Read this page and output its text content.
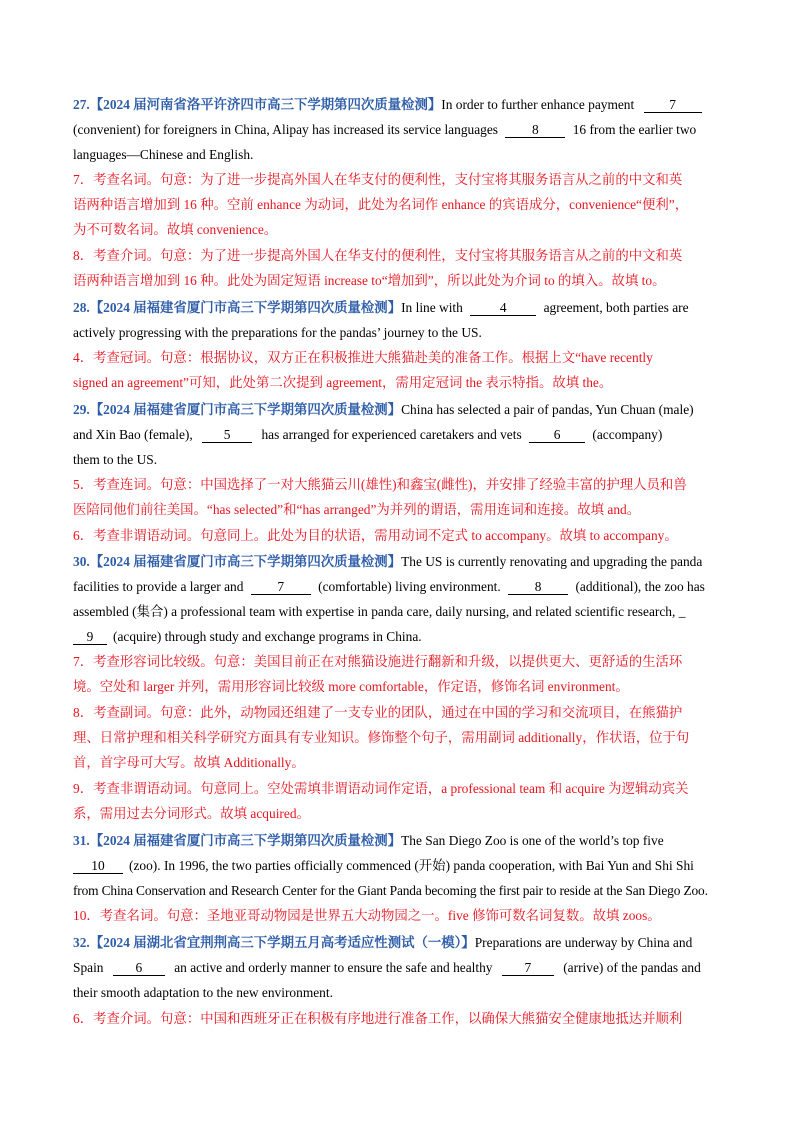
27.【2024 届河南省洛平许济四市高三下学期第四次质量检测】In order to further enhance payment	7
(convenient) for foreigners in China, Alipay has increased its service languages	8	16 from the earlier two
languages—Chinese and English.
7．考查名词。句意：为了进一步提高外国人在华支付的便利性，支付宝将其服务语言从之前的中文和英
语两种语言增加到 16 种。空前 enhance 为动词，此处为名词作 enhance 的宾语成分，convenience“便利”，
为不可数名词。故填 convenience。
8．考查介词。句意：为了进一步提高外国人在华支付的便利性，支付宝将其服务语言从之前的中文和英
语两种语言增加到 16 种。此处为固定短语 increase to“增加到”，所以此处为介词 to 的填入。故填 to。
28.【2024 届福建省厦门市高三下学期第四次质量检测】In line with	4	agreement, both parties are
actively progressing with the preparations for the pandas’ journey to the US.
4．考查冠词。句意：根据协议，双方正在积极推进大熊猫赴美的准备工作。根据上文“have recently
signed an agreement”可知，此处第二次提到 agreement，需用定冠词 the 表示特指。故填 the。
29.【2024 届福建省厦门市高三下学期第四次质量检测】China has selected a pair of pandas, Yun Chuan (male)
and Xin Bao (female), 5 has arranged for experienced caretakers and vets 6 (accompany)
them to the US.
5．考查连词。句意：中国选择了一对大熊猫云川(雄性)和鑫宝(雌性)，并安排了经验丰富的护理人员和兽
医陪同他们前往美国。“has selected”和“has arranged”为并列的谓语，需用连词和连接。故填 and。
6．考查非谓语动词。句意同上。此处为目的状语，需用动词不定式 to accompany。故填 to accompany。
30.【2024 届福建省厦门市高三下学期第四次质量检测】The US is currently renovating and upgrading the panda
facilities to provide a larger and	7	(comfortable) living environment.	8	(additional), the zoo has
assembled (集合) a professional team with expertise in panda care, daily nursing, and related scientific research, _
9 (acquire) through study and exchange programs in China.
7．考查形容词比较级。句意：美国目前正在对熊猫设施进行翻新和升级，以提供更大、更舒适的生活环
境。空处和 larger 并列，需用形容词比较级 more comfortable，作定语，修饰名词 environment。
8．考查副词。句意：此外，动物园还组建了一支专业的团队，通过在中国的学习和交流项目，在熊猫护
理、日常护理和相关科学研究方面具有专业知识。修饰整个句子，需用副词 additionally，作状语，位于句
首，首字母可大写。故填 Additionally。
9．考查非谓语动词。句意同上。空处需填非谓语动词作定语，a professional team 和 acquire 为逻辑动宾关
系，需用过去分词形式。故填 acquired。
31.【2024 届福建省厦门市高三下学期第四次质量检测】The San Diego Zoo is one of the world’s top five
10 (zoo). In 1996, the two parties officially commenced (开始) panda cooperation, with Bai Yun and Shi Shi
from China Conservation and Research Center for the Giant Panda becoming the first pair to reside at the San Diego Zoo.
10．考查名词。句意：圣地亚哥动物园是世界五大动物园之一。five 修饰可数名词复数。故填 zoos。
32.【2024 届湖北省宜荆荆高三下学期五月高考适应性测试（一模）】Preparations are underway by China and
Spain 6 an active and orderly manner to ensure the safe and healthy 7 (arrive) of the pandas and
their smooth adaptation to the new environment.
6．考查介词。句意：中国和西班牙正在积极有序地进行准备工作，以确保大熊猫安全健康地抵达并顺利
